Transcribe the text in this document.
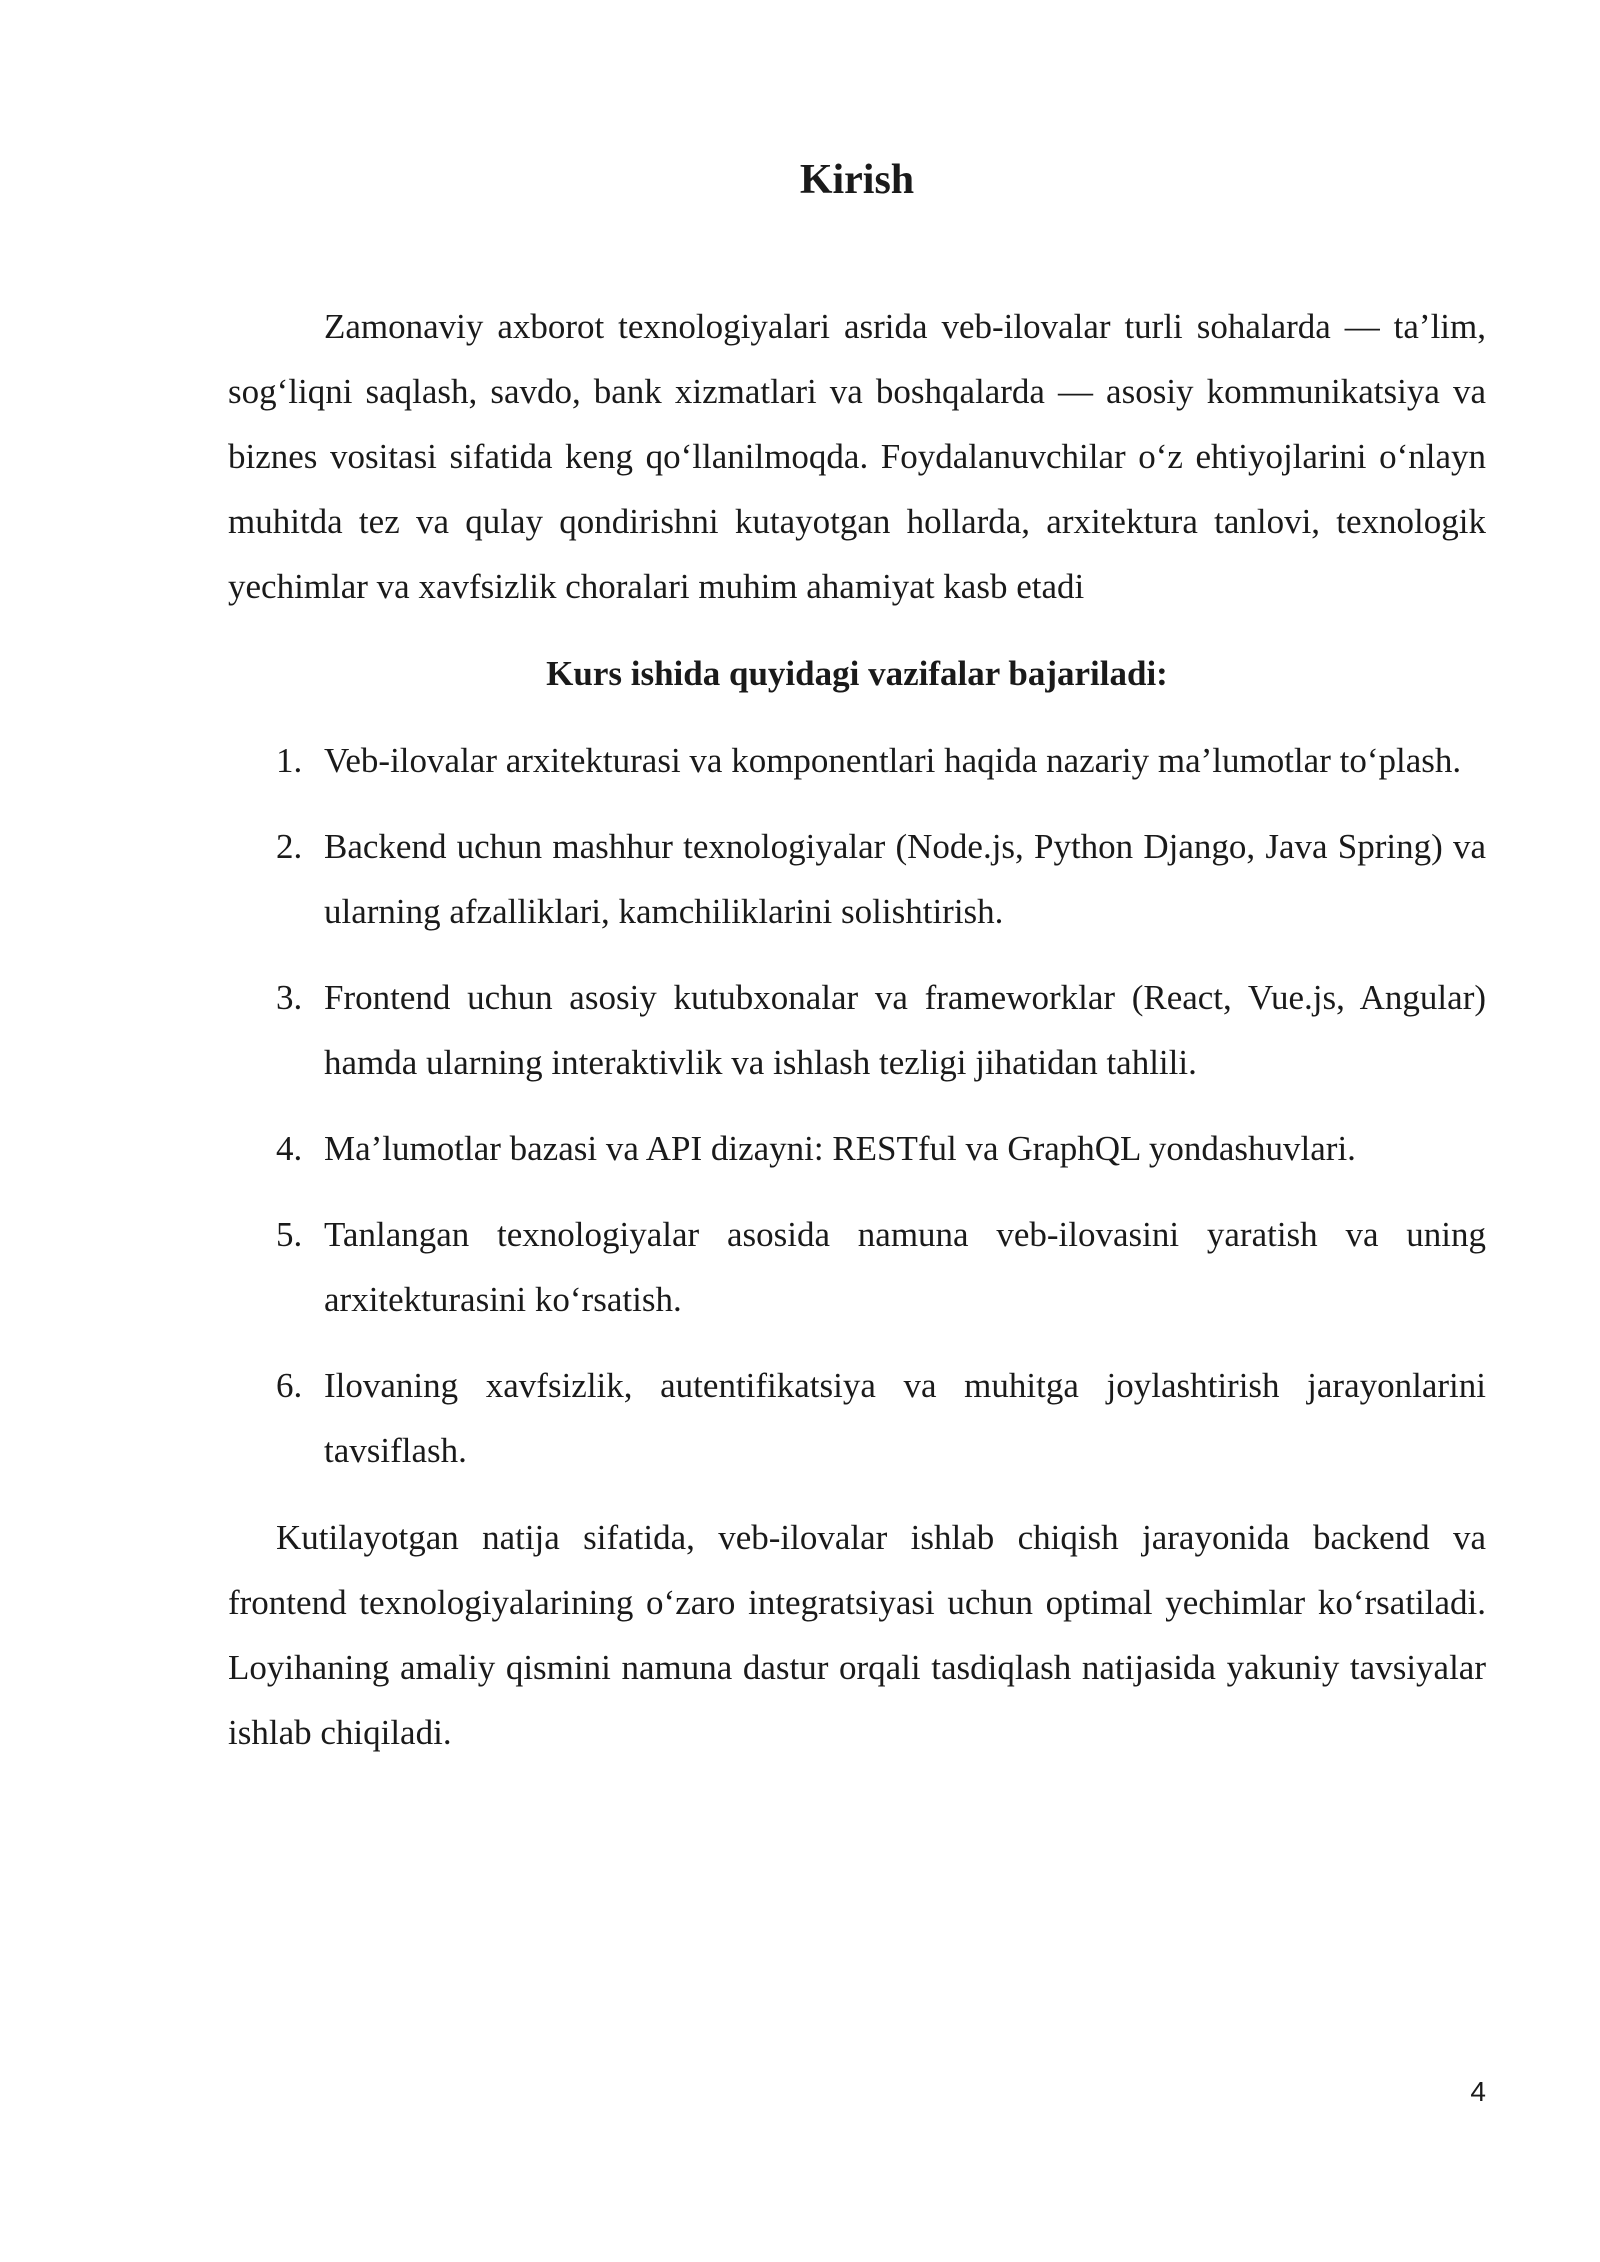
Kirish

Zamonaviy axborot texnologiyalari asrida veb-ilovalar turli sohalarda — ta’lim, sog‘liqni saqlash, savdo, bank xizmatlari va boshqalarda — asosiy kommunikatsiya va biznes vositasi sifatida keng qo‘llanilmoqda. Foydalanuvchilar o‘z ehtiyojlarini o‘nlayn muhitda tez va qulay qondirishni kutayotgan hollarda, arxitektura tanlovi, texnologik yechimlar va xavfsizlik choralari muhim ahamiyat kasb etadi

Kurs ishida quyidagi vazifalar bajariladi:
1. Veb-ilovalar arxitekturasi va komponentlari haqida nazariy ma’lumotlar to‘plash.
2. Backend uchun mashhur texnologiyalar (Node.js, Python Django, Java Spring) va ularning afzalliklari, kamchiliklarini solishtirish.
3. Frontend uchun asosiy kutubxonalar va frameworklar (React, Vue.js, Angular) hamda ularning interaktivlik va ishlash tezligi jihatidan tahlili.
4. Ma’lumotlar bazasi va API dizayni: RESTful va GraphQL yondashuvlari.
5. Tanlangan texnologiyalar asosida namuna veb-ilovasini yaratish va uning arxitekturasini ko‘rsatish.
6. Ilovaning xavfsizlik, autentifikatsiya va muhitga joylashtirish jarayonlarini tavsiflash.

Kutilayotgan natija sifatida, veb-ilovalar ishlab chiqish jarayonida backend va frontend texnologiyalarining o‘zaro integratsiyasi uchun optimal yechimlar ko‘rsatiladi. Loyihaning amaliy qismini namuna dastur orqali tasdiqlash natijasida yakuniy tavsiyalar ishlab chiqiladi.

4
